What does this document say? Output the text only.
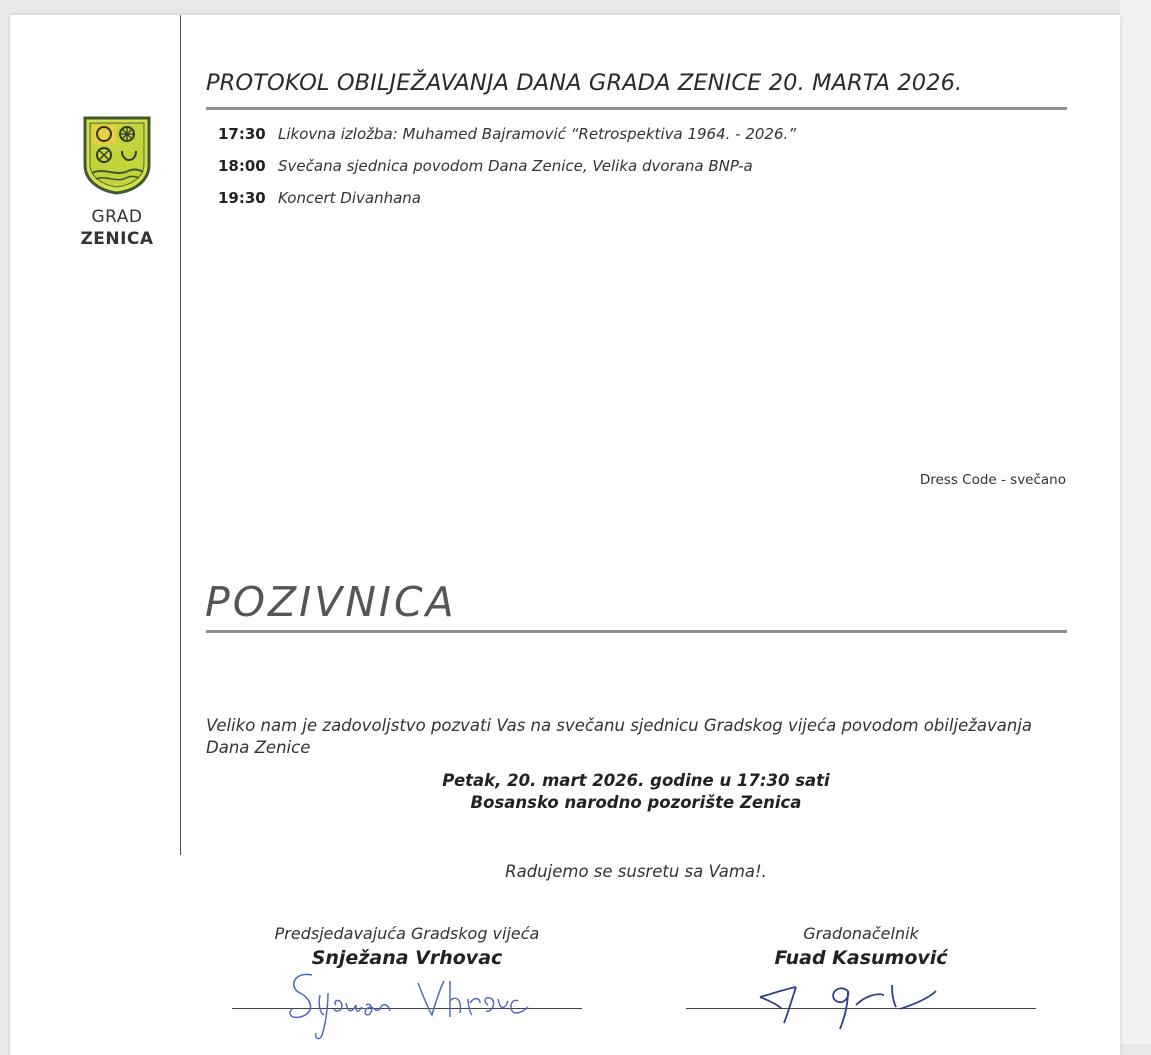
GRAD
ZENICA
PROTOKOL OBILJEŽAVANJA DANA GRADA ZENICE 20. MARTA 2026.
17:30 Likovna izložba: Muhamed Bajramović “Retrospektiva 1964. - 2026.”
18:00 Svečana sjednica povodom Dana Zenice, Velika dvorana BNP-a
19:30 Koncert Divanhana
Dress Code - svečano
POZIVNICA
Veliko nam je zadovoljstvo pozvati Vas na svečanu sjednicu Gradskog vijeća povodom obilježavanja Dana Zenice
Petak, 20. mart 2026. godine u 17:30 sati
Bosansko narodno pozorište Zenica
Radujemo se susretu sa Vama!.
Predsjedavajuća Gradskog vijeća
Snježana Vrhovac
Snježana Vrhovac
Gradonačelnik
Fuad Kasumović
